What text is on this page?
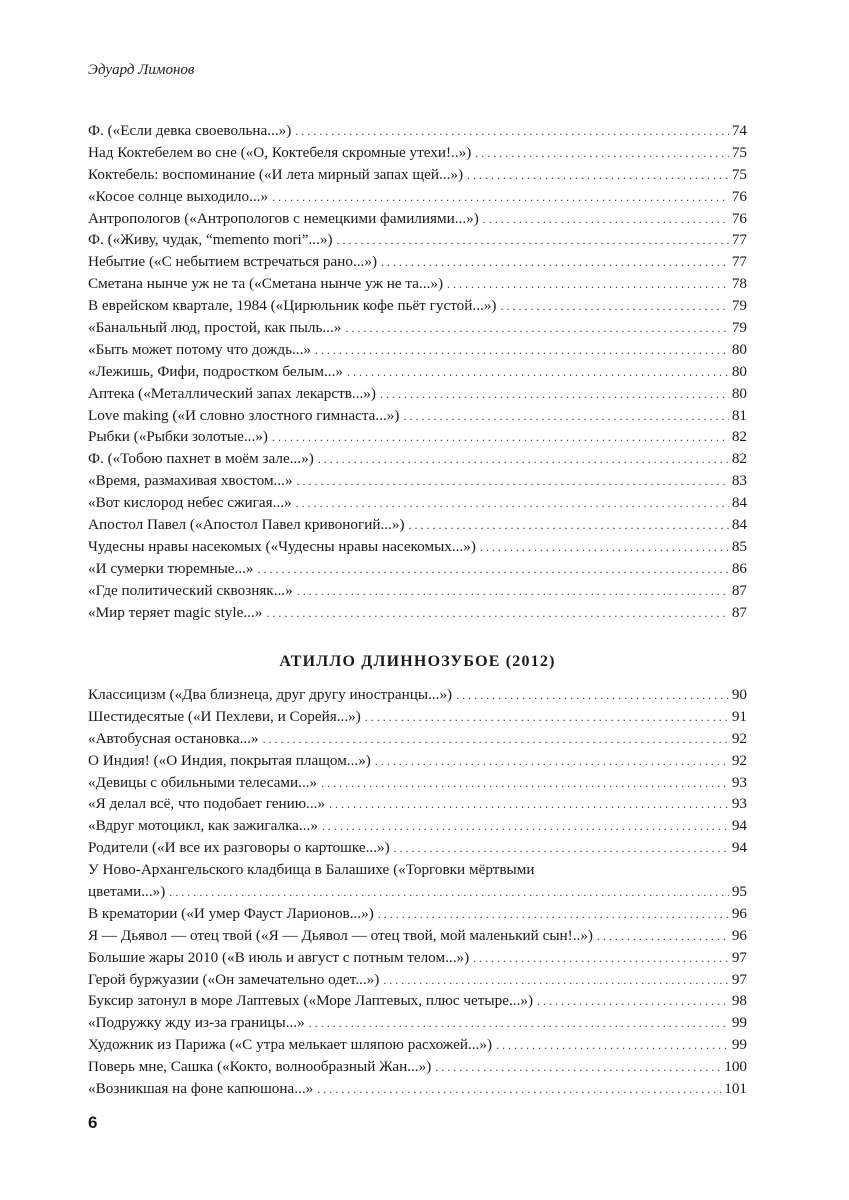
Эдуард Лимонов
Ф. («Если девка своевольна...») . . .	74
Над Коктебелем во сне («О, Коктебеля скромные утехи!..») . . .	75
Коктебель: воспоминание («И лета мирный запах щей...») . . .	75
«Косое солнце выходило...» . . .	76
Антропологов («Антропологов с немецкими фамилиями...») . . .	76
Ф. («Живу, чудак, “memento mori”...») . . .	77
Небытие («С небытием встречаться рано...») . . .	77
Сметана нынче уж не та («Сметана нынче уж не та...») . . .	78
В еврейском квартале, 1984 («Цирюльник кофе пьёт густой...») . . .	79
«Банальный люд, простой, как пыль...» . . .	79
«Быть может потому что дождь...» . . .	80
«Лежишь, Фифи, подростком белым...» . . .	80
Аптека («Металлический запах лекарств...») . . .	80
Love making («И словно злостного гимнаста...») . . .	81
Рыбки («Рыбки золотые...») . . .	82
Ф. («Тобою пахнет в моём зале...») . . .	82
«Время, размахивая хвостом...» . . .	83
«Вот кислород небес сжигая...» . . .	84
Апостол Павел («Апостол Павел кривоногий...») . . .	84
Чудесны нравы насекомых («Чудесны нравы насекомых...») . . .	85
«И сумерки тюремные...» . . .	86
«Где политический сквозняк...» . . .	87
«Мир теряет magic style...» . . .	87
АТИЛЛО ДЛИННОЗУБОЕ (2012)
Классицизм («Два близнеца, друг другу иностранцы...») . . .	90
Шестидесятые («И Пехлеви, и Сорейя...») . . .	91
«Автобусная остановка...» . . .	92
О Индия! («О Индия, покрытая плащом...») . . .	92
«Девицы с обильными телесами...» . . .	93
«Я делал всё, что подобает гению...» . . .	93
«Вдруг мотоцикл, как зажигалка...» . . .	94
Родители («И все их разговоры о картошке...») . . .	94
У Ново-Архангельского кладбища в Балашихе («Торговки мёртвыми
цветами...») . . .	95
В крематории («И умер Фауст Ларионов...») . . .	96
Я — Дьявол — отец твой («Я — Дьявол — отец твой, мой маленький сын!..») . . .	96
Большие жары 2010 («В июль и август с потным телом...») . . .	97
Герой буржуазии («Он замечательно одет...») . . .	97
Буксир затонул в море Лаптевых («Море Лаптевых, плюс четыре...») . . .	98
«Подружку жду из-за границы...» . . .	99
Художник из Парижа («С утра мелькает шляпою расхожей...») . . .	99
Поверь мне, Сашка («Кокто, волнообразный Жан...») . . .	100
«Возникшая на фоне капюшона...» . . .	101
6
